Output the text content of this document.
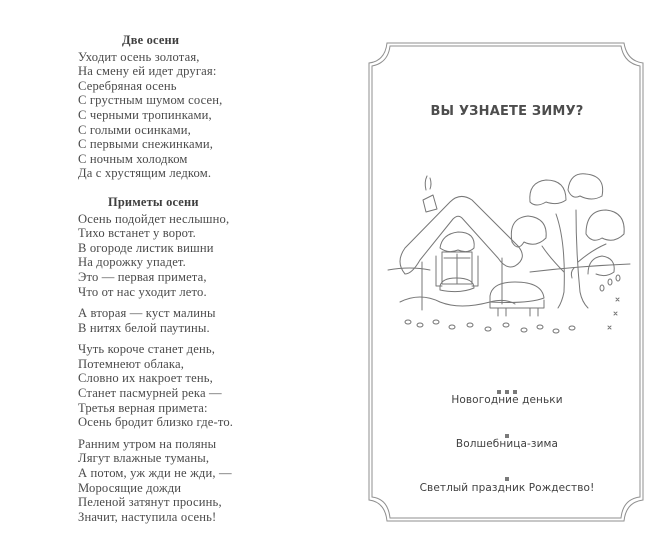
Две осени
Уходит осень золотая,
На смену ей идет другая:
Серебряная осень
С грустным шумом сосен,
С черными тропинками,
С голыми осинками,
С первыми снежинками,
С ночным холодком
Да с хрустящим ледком.
Приметы осени
Осень подойдет неслышно,
Тихо встанет у ворот.
В огороде листик вишни
На дорожку упадет.
Это — первая примета,
Что от нас уходит лето.
А вторая — куст малины
В нитях белой паутины.
Чуть короче станет день,
Потемнеют облака,
Словно их накроет тень,
Станет пасмурней река —
Третья верная примета:
Осень бродит близко где-то.
Ранним утром на поляны
Лягут влажные туманы,
А потом, уж жди не жди, —
Моросящие дожди
Пеленой затянут просинь,
Значит, наступила осень!
ВЫ УЗНАЕТЕ ЗИМУ?
Новогодние деньки
Волшебница-зима
Светлый праздник Рождество!
